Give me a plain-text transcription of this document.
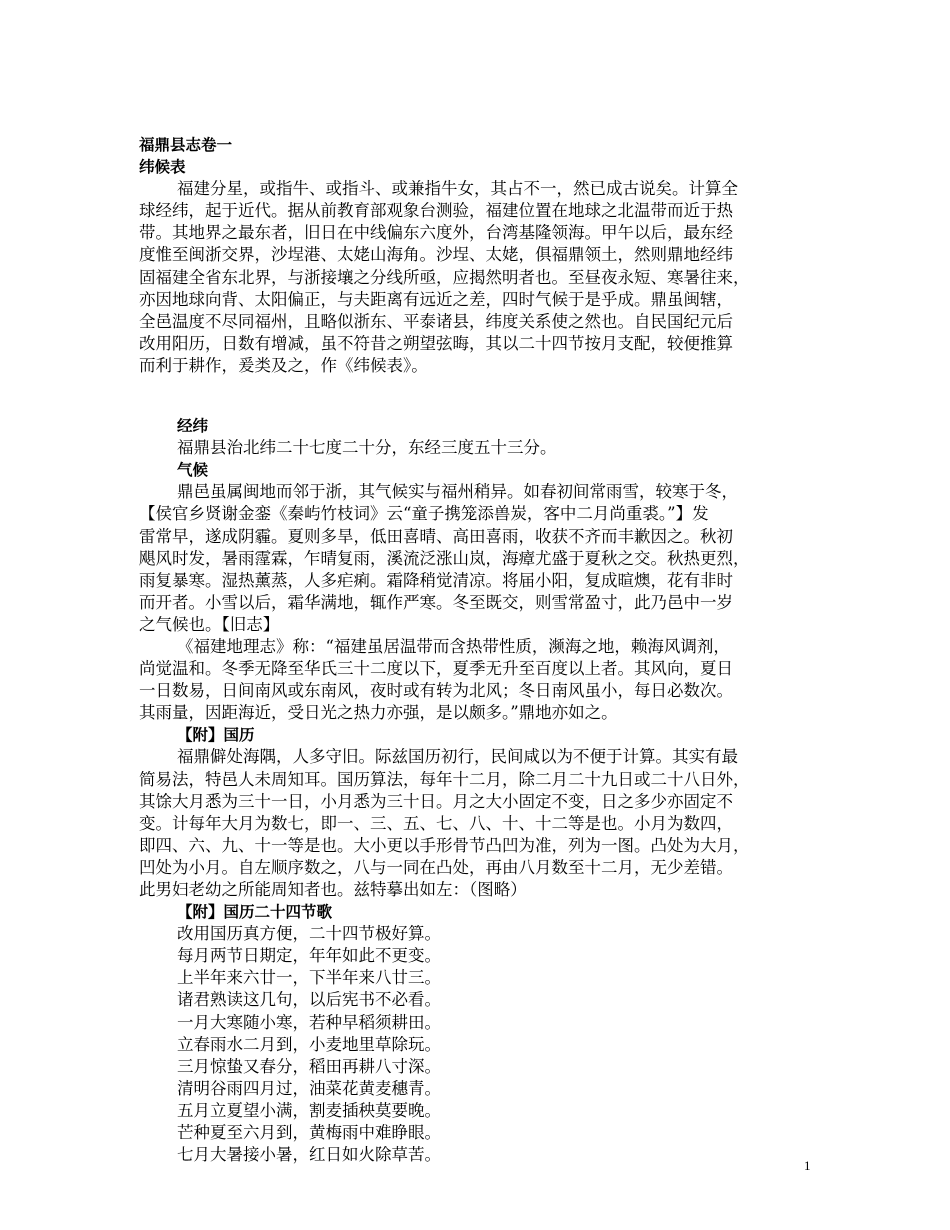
福鼎县志卷一
纬候表
福建分星，或指牛、或指斗、或兼指牛女，其占不一，然已成古说矣。计算全
球经纬，起于近代。据从前教育部观象台测验，福建位置在地球之北温带而近于热
带。其地界之最东者，旧日在中线偏东六度外，台湾基隆领海。甲午以后，最东经
度惟至闽浙交界，沙埕港、太姥山海角。沙埕、太姥，俱福鼎领土，然则鼎地经纬
固福建全省东北界，与浙接壤之分线所亟，应揭然明者也。至昼夜永短、寒暑往来，
亦因地球向背、太阳偏正，与夫距离有远近之差，四时气候于是乎成。鼎虽闽辖，
全邑温度不尽同福州，且略似浙东、平泰诸县，纬度关系使之然也。自民国纪元后
改用阳历，日数有增减，虽不符昔之朔望弦晦，其以二十四节按月支配，较便推算
而利于耕作，爰类及之，作《纬候表》。
经纬
福鼎县治北纬二十七度二十分，东经三度五十三分。
气候
鼎邑虽属闽地而邻于浙，其气候实与福州稍异。如春初间常雨雪，较寒于冬，
【侯官乡贤谢金銮《秦屿竹枝词》云“童子携笼添兽炭，客中二月尚重裘。”】发
雷常早，遂成阴霾。夏则多旱，低田喜晴、高田喜雨，收获不齐而丰歉因之。秋初
飓风时发，暑雨霪霖，乍晴复雨，溪流泛涨山岚，海瘴尤盛于夏秋之交。秋热更烈，
雨复暴寒。湿热薰蒸，人多疟痢。霜降稍觉清凉。将届小阳，复成暄燠，花有非时
而开者。小雪以后，霜华满地，辄作严寒。冬至既交，则雪常盈寸，此乃邑中一岁
之气候也。【旧志】
《福建地理志》称：“福建虽居温带而含热带性质，濒海之地，赖海风调剂，
尚觉温和。冬季无降至华氏三十二度以下，夏季无升至百度以上者。其风向，夏日
一日数易，日间南风或东南风，夜时或有转为北风；冬日南风虽小，每日必数次。
其雨量，因距海近，受日光之热力亦强，是以颇多。”鼎地亦如之。
【附】国历
福鼎僻处海隅，人多守旧。际兹国历初行，民间咸以为不便于计算。其实有最
简易法，特邑人未周知耳。国历算法，每年十二月，除二月二十九日或二十八日外，
其馀大月悉为三十一日，小月悉为三十日。月之大小固定不变，日之多少亦固定不
变。计每年大月为数七，即一、三、五、七、八、十、十二等是也。小月为数四，
即四、六、九、十一等是也。大小更以手形骨节凸凹为准，列为一图。凸处为大月，
凹处为小月。自左顺序数之，八与一同在凸处，再由八月数至十二月，无少差错。
此男妇老幼之所能周知者也。兹特摹出如左：（图略）
【附】国历二十四节歌
改用国历真方便，二十四节极好算。
每月两节日期定，年年如此不更变。
上半年来六廿一，下半年来八廿三。
诸君熟读这几句，以后宪书不必看。
一月大寒随小寒，若种早稻须耕田。
立春雨水二月到，小麦地里草除玩。
三月惊蛰又春分，稻田再耕八寸深。
清明谷雨四月过，油菜花黄麦穗青。
五月立夏望小满，割麦插秧莫要晚。
芒种夏至六月到，黄梅雨中难睁眼。
七月大暑接小暑，红日如火除草苦。
1
